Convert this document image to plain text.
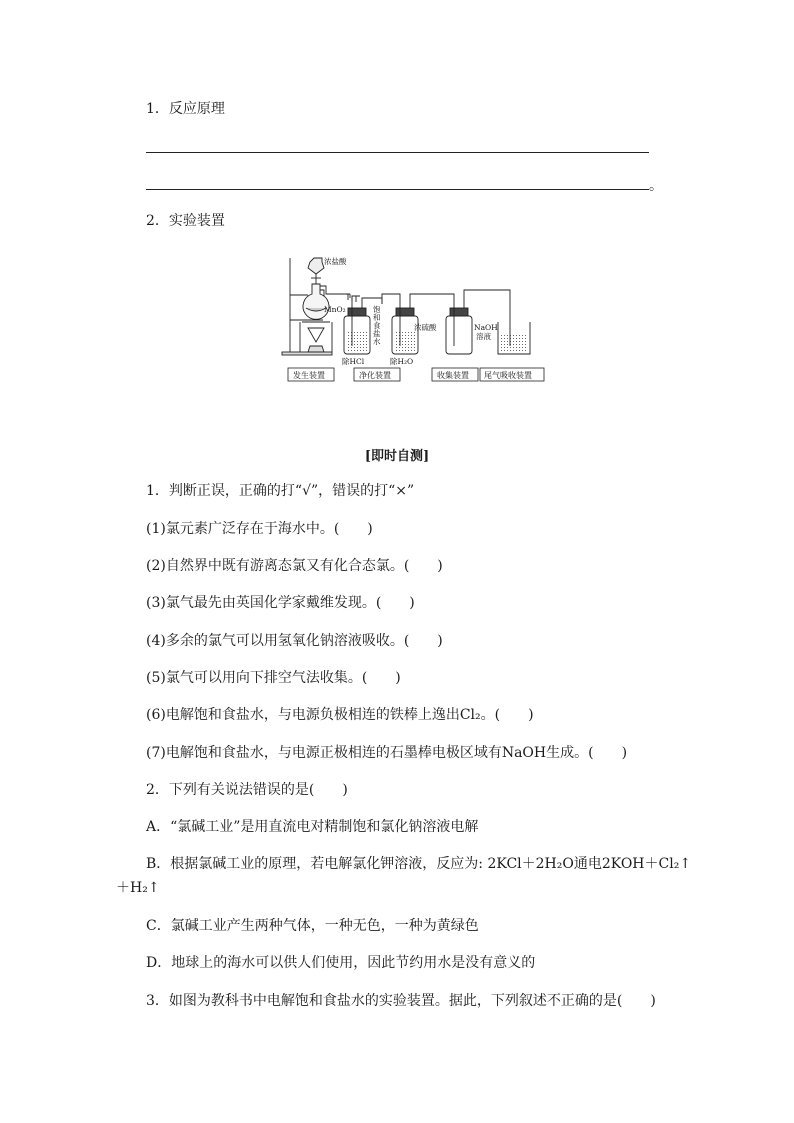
1．反应原理
。
2．实验装置
浓盐酸
MnO₂	饱
和
食
盐
水
除HCl	除H₂O
浓硫酸	NaOH
溶液
发生装置	净化装置	收集装置 尾气吸收装置
[即时自测]
1．判断正误，正确的打“√”，错误的打“×”
(1)氯元素广泛存在于海水中。(　　)
(2)自然界中既有游离态氯又有化合态氯。(　　)
(3)氯气最先由英国化学家戴维发现。(　　)
(4)多余的氯气可以用氢氧化钠溶液吸收。(　　)
(5)氯气可以用向下排空气法收集。(　　)
(6)电解饱和食盐水，与电源负极相连的铁棒上逸出Cl₂。(　　)
(7)电解饱和食盐水，与电源正极相连的石墨棒电极区域有NaOH生成。(　　)
2．下列有关说法错误的是(　　)
A．“氯碱工业”是用直流电对精制饱和氯化钠溶液电解
B．根据氯碱工业的原理，若电解氯化钾溶液，反应为: 2KCl＋2H₂O通电2KOH＋Cl₂↑
＋H₂↑
C．氯碱工业产生两种气体，一种无色，一种为黄绿色
D．地球上的海水可以供人们使用，因此节约用水是没有意义的
3．如图为教科书中电解饱和食盐水的实验装置。据此，下列叙述不正确的是(　　)
